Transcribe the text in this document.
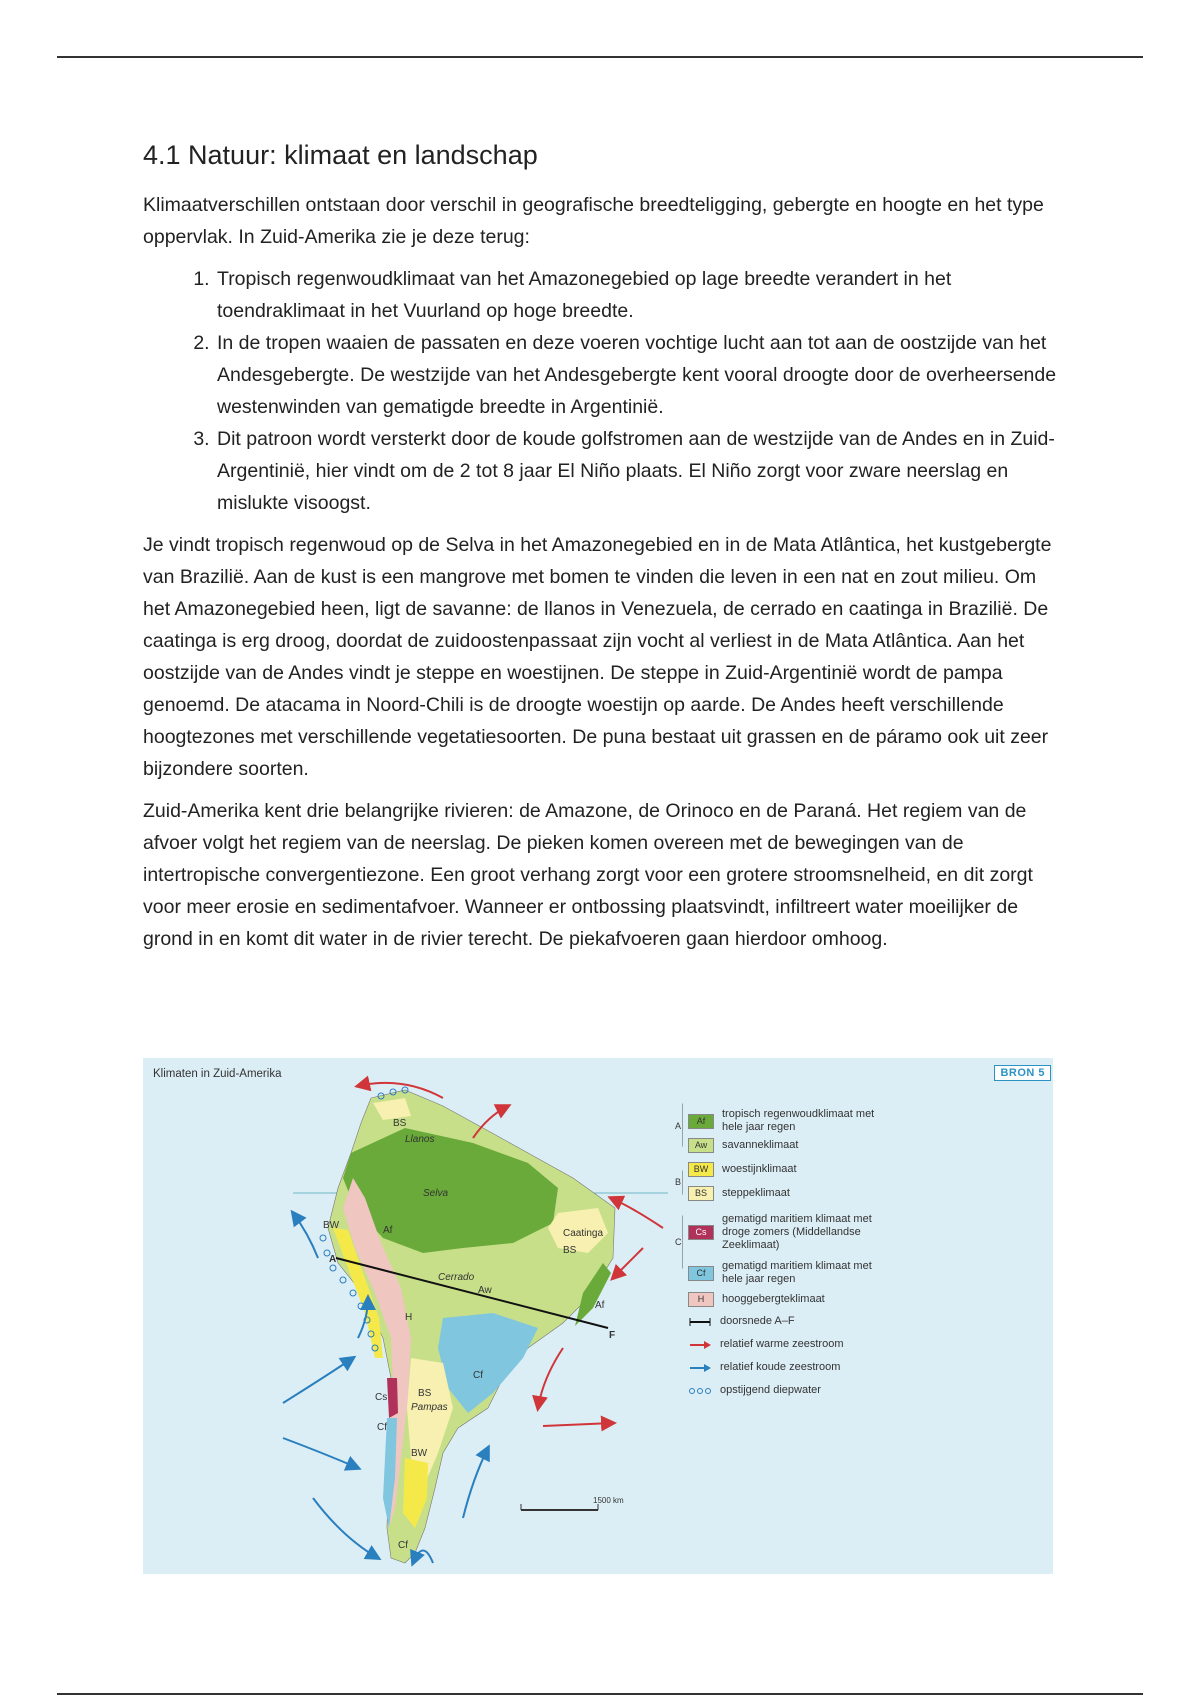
4.1 Natuur: klimaat en landschap

Klimaatverschillen ontstaan door verschil in geografische breedteligging, gebergte en hoogte en het type oppervlak. In Zuid-Amerika zie je deze terug:

1. Tropisch regenwoudklimaat van het Amazonegebied op lage breedte verandert in het toendraklimaat in het Vuurland op hoge breedte.
2. In de tropen waaien de passaten en deze voeren vochtige lucht aan tot aan de oostzijde van het Andesgebergte. De westzijde van het Andesgebergte kent vooral droogte door de overheersende westenwinden van gematigde breedte in Argentinië.
3. Dit patroon wordt versterkt door de koude golfstromen aan de westzijde van de Andes en in Zuid-Argentinië, hier vindt om de 2 tot 8 jaar El Niño plaats. El Niño zorgt voor zware neerslag en mislukte visoogst.

Je vindt tropisch regenwoud op de Selva in het Amazonegebied en in de Mata Atlântica, het kustgebergte van Brazilië. Aan de kust is een mangrove met bomen te vinden die leven in een nat en zout milieu. Om het Amazonegebied heen, ligt de savanne: de llanos in Venezuela, de cerrado en caatinga in Brazilië. De caatinga is erg droog, doordat de zuidoostenpassaat zijn vocht al verliest in de Mata Atlântica. Aan het oostzijde van de Andes vindt je steppe en woestijnen. De steppe in Zuid-Argentinië wordt de pampa genoemd. De atacama in Noord-Chili is de droogte woestijn op aarde. De Andes heeft verschillende hoogtezones met verschillende vegetatiesoorten. De puna bestaat uit grassen en de páramo ook uit zeer bijzondere soorten.

Zuid-Amerika kent drie belangrijke rivieren: de Amazone, de Orinoco en de Paraná. Het regiem van de afvoer volgt het regiem van de neerslag. De pieken komen overeen met de bewegingen van de intertropische convergentiezone. Een groot verhang zorgt voor een grotere stroomsnelheid, en dit zorgt voor meer erosie en sedimentafvoer. Wanneer er ontbossing plaatsvindt, infiltreert water moeilijker de grond in en komt dit water in de rivier terecht. De piekafvoeren gaan hierdoor omhoog.

Klimaten in Zuid-Amerika	BRON 5
BS
Llanos
Selva
BW	Af	Caatinga
BS
Cerrado
Aw
H
Af
A
F
Cf
BS
Pampas
Cs
Cf
BW
Cf
1500 km
A
B
C
Af
tropisch regenwoudklimaat met hele jaar regen
Aw	savanneklimaat
BW	woestijnklimaat
BS	steppeklimaat
Cs
gematigd maritiem klimaat met droge zomers (Middellandse Zeeklimaat)
Cf
gematigd maritiem klimaat met hele jaar regen
H	hooggebergteklimaat
doorsnede A–F
relatief warme zeestroom
relatief koude zeestroom
opstijgend diepwater
